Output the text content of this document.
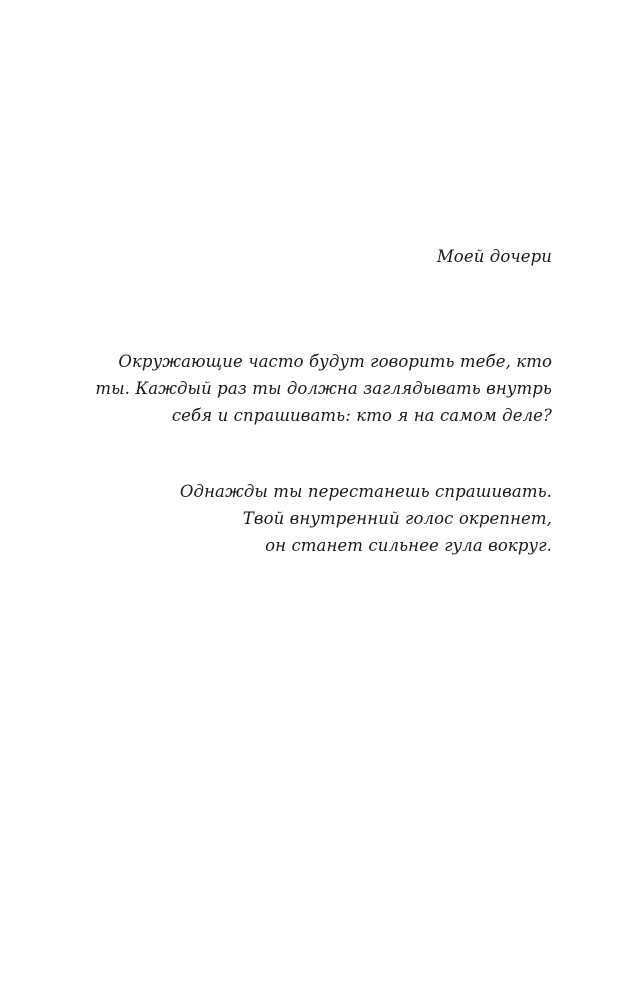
Моей дочери
Окружающие часто будут говорить тебе, кто
ты. Каждый раз ты должна заглядывать внутрь
себя и спрашивать: кто я на самом деле?
Однажды ты перестанешь спрашивать.
Твой внутренний голос окрепнет,
он станет сильнее гула вокруг.
